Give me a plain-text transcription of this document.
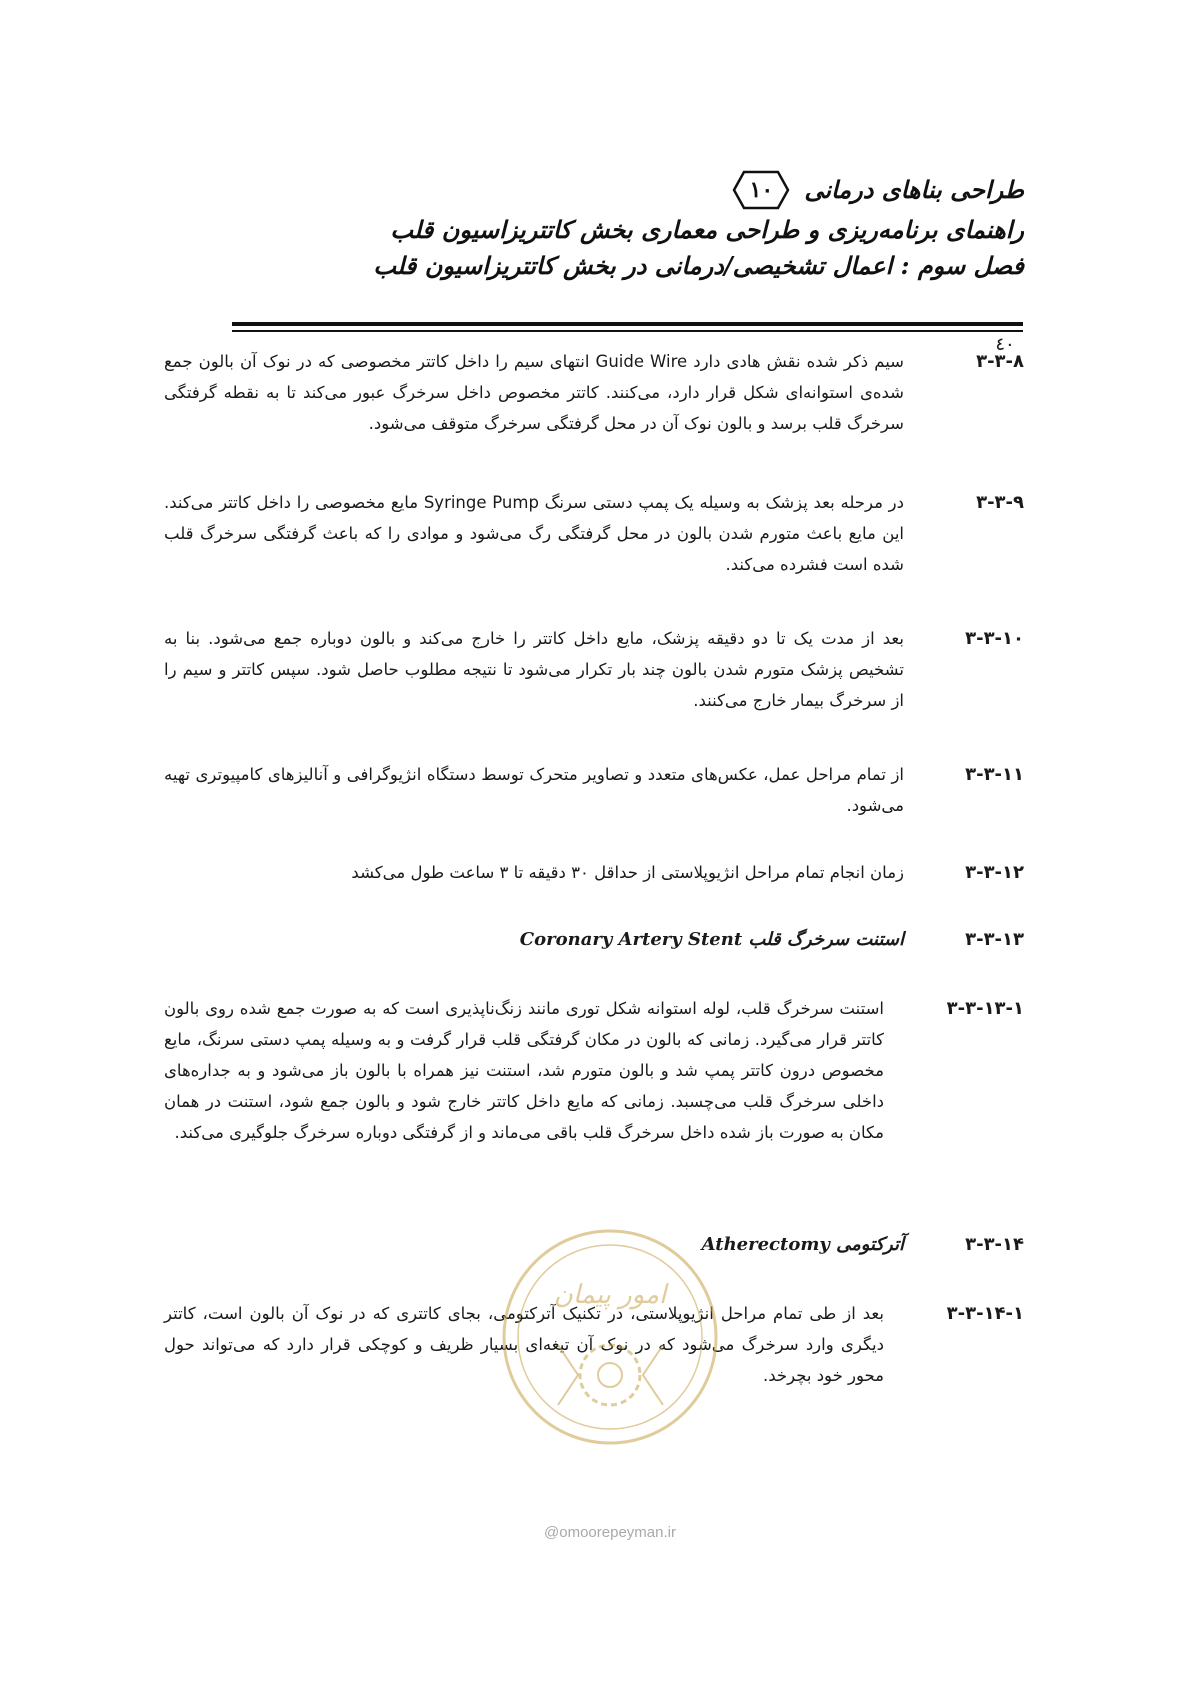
طراحی بناهای درمانی
۱۰
راهنمای برنامه‌ریزی و طراحی معماری بخش کاتتریزاسیون قلب
فصل سوم : اعمال تشخیصی/درمانی در بخش کاتتریزاسیون قلب
٤٠
۳-۳-۸
سیم ذکر شده نقش هادی دارد Guide Wire انتهای سیم را داخل کاتتر مخصوصی که در نوک آن بالون جمع شده‌ی استوانه‌ای شکل قرار دارد، می‌کنند. کاتتر مخصوص داخل سرخرگ عبور می‌کند تا به نقطه گرفتگی سرخرگ قلب برسد و بالون نوک آن در محل گرفتگی سرخرگ متوقف می‌شود.
۳-۳-۹
در مرحله بعد پزشک به وسیله یک پمپ دستی سرنگ Syringe Pump مایع مخصوصی را داخل کاتتر می‌کند. این مایع باعث متورم شدن بالون در محل گرفتگی رگ می‌شود و موادی را که باعث گرفتگی سرخرگ قلب شده است فشرده می‌کند.
۳-۳-۱۰
بعد از مدت یک تا دو دقیقه پزشک، مایع داخل کاتتر را خارج می‌کند و بالون دوباره جمع می‌شود. بنا به تشخیص پزشک متورم شدن بالون چند بار تکرار می‌شود تا نتیجه مطلوب حاصل شود. سپس کاتتر و سیم را از سرخرگ بیمار خارج می‌کنند.
۳-۳-۱۱
از تمام مراحل عمل، عکس‌های متعدد و تصاویر متحرک توسط دستگاه انژیوگرافی و آنالیزهای کامپیوتری تهیه می‌شود.
۳-۳-۱۲
زمان انجام تمام مراحل انژیوپلاستی از حداقل ۳۰ دقیقه تا ۳ ساعت طول می‌کشد
۳-۳-۱۳
استنت سرخرگ قلب Coronary Artery Stent
۳-۳-۱۳-۱
استنت سرخرگ قلب، لوله استوانه شکل توری مانند زنگ‌ناپذیری است که به صورت جمع شده روی بالون کاتتر قرار می‌گیرد. زمانی که بالون در مکان گرفتگی قلب قرار گرفت و به وسیله پمپ دستی سرنگ، مایع مخصوص درون کاتتر پمپ شد و بالون متورم شد، استنت نیز همراه با بالون باز می‌شود و به جداره‌های داخلی سرخرگ قلب می‌چسبد. زمانی که مایع داخل کاتتر خارج شود و بالون جمع شود، استنت در همان مکان به صورت باز شده داخل سرخرگ قلب باقی می‌ماند و از گرفتگی دوباره سرخرگ جلوگیری می‌کند.
۳-۳-۱۴
آترکتومی Atherectomy
۳-۳-۱۴-۱
بعد از طی تمام مراحل انژیوپلاستی، در تکنیک آترکتومی، بجای کاتتری که در نوک آن بالون است، کاتتر دیگری وارد سرخرگ می‌شود که در نوک آن تیغه‌ای بسیار ظریف و کوچکی قرار دارد که می‌تواند حول محور خود بچرخد.
امور پیمان
@omoorepeyman.ir
